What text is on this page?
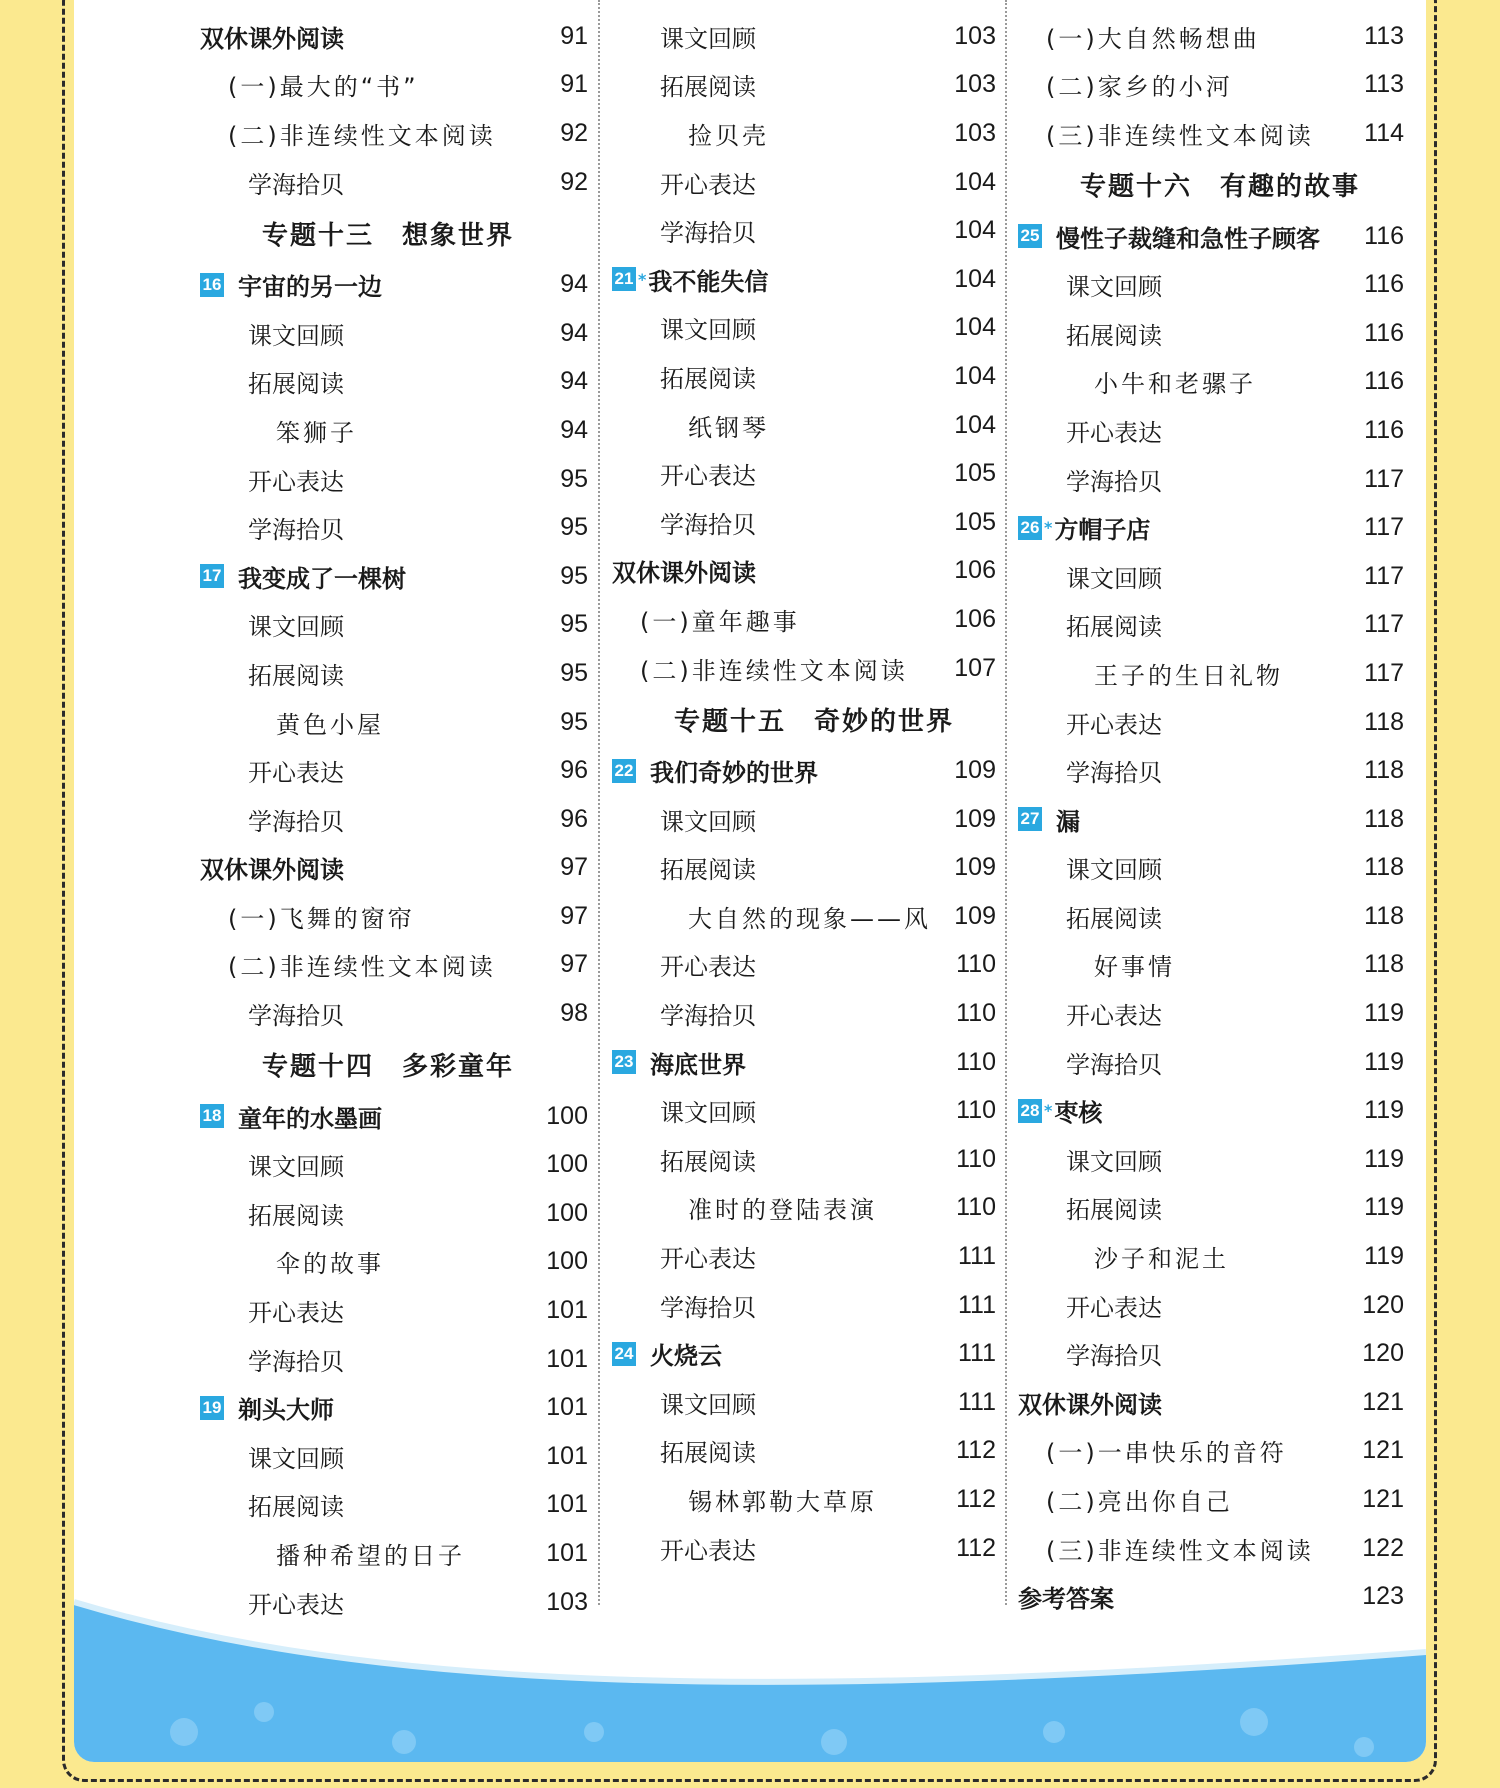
双休课外阅读	91
(一)最大的“书”	91
(二)非连续性文本阅读	92
学海拾贝	92
专题十三 想象世界
16 宇宙的另一边	94
课文回顾	94
拓展阅读	94
笨狮子	94
开心表达	95
学海拾贝	95
17 我变成了一棵树	95
课文回顾	95
拓展阅读	95
黄色小屋	95
开心表达	96
学海拾贝	96
双休课外阅读	97
(一)飞舞的窗帘	97
(二)非连续性文本阅读	97
学海拾贝	98
专题十四 多彩童年
18 童年的水墨画	100
课文回顾	100
拓展阅读	100
伞的故事	100
开心表达	101
学海拾贝	101
19 剃头大师	101
课文回顾	101
拓展阅读	101
播种希望的日子	101
开心表达	103
课文回顾	103
拓展阅读	103
捡贝壳	103
开心表达	104
学海拾贝	104
21 * 我不能失信	104
课文回顾	104
拓展阅读	104
纸钢琴	104
开心表达	105
学海拾贝	105
双休课外阅读	106
(一)童年趣事	106
(二)非连续性文本阅读	107
专题十五 奇妙的世界
22 我们奇妙的世界	109
课文回顾	109
拓展阅读	109
大自然的现象——风 109
开心表达	110
学海拾贝	110
23 海底世界	110
课文回顾	110
拓展阅读	110
准时的登陆表演	110
开心表达	111
学海拾贝	111
24 火烧云	111
课文回顾	111
拓展阅读	112
锡林郭勒大草原	112
开心表达	112
(一)大自然畅想曲	113
(二)家乡的小河	113
(三)非连续性文本阅读	114
专题十六 有趣的故事
25 慢性子裁缝和急性子顾客	116
课文回顾	116
拓展阅读	116
小牛和老骡子	116
开心表达	116
学海拾贝	117
26 * 方帽子店	117
课文回顾	117
拓展阅读	117
王子的生日礼物	117
开心表达	118
学海拾贝	118
27 漏	118
课文回顾	118
拓展阅读	118
好事情	118
开心表达	119
学海拾贝	119
28 * 枣核	119
课文回顾	119
拓展阅读	119
沙子和泥土	119
开心表达	120
学海拾贝	120
双休课外阅读	121
(一)一串快乐的音符	121
(二)亮出你自己	121
(三)非连续性文本阅读	122
参考答案	123
